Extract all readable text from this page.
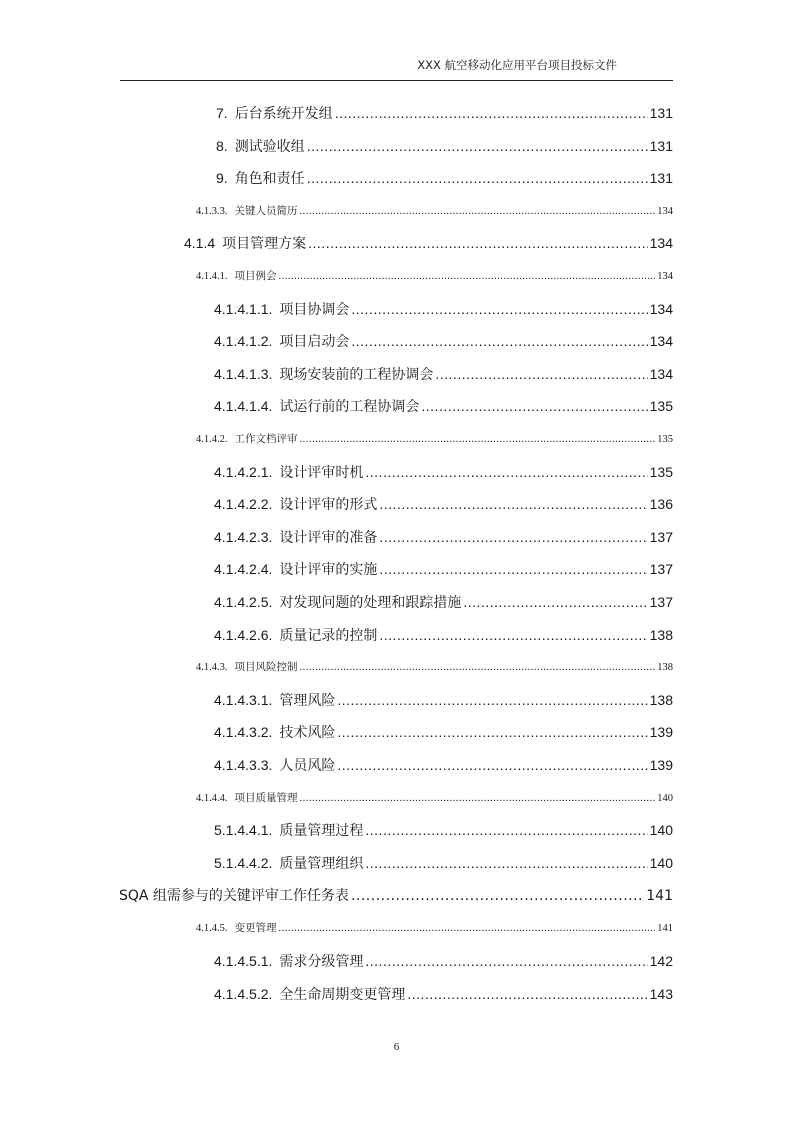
XXX 航空移动化应用平台项目投标文件
7. 后台系统开发组 .....	131
8. 测试验收组 .....	131
9. 角色和责任 .....	131
4.1.3.3. 关键人员简历 .....	134
4.1.4 项目管理方案 .....	134
4.1.4.1. 项目例会 .....	134
4.1.4.1.1. 项目协调会 .....	134
4.1.4.1.2. 项目启动会 .....	134
4.1.4.1.3. 现场安装前的工程协调会 .....	134
4.1.4.1.4. 试运行前的工程协调会 .....	135
4.1.4.2. 工作文档评审 .....	135
4.1.4.2.1. 设计评审时机 .....	135
4.1.4.2.2. 设计评审的形式 .....	136
4.1.4.2.3. 设计评审的准备 .....	137
4.1.4.2.4. 设计评审的实施 .....	137
4.1.4.2.5. 对发现问题的处理和跟踪措施 .....	137
4.1.4.2.6. 质量记录的控制 .....	138
4.1.4.3. 项目风险控制 .....	138
4.1.4.3.1. 管理风险 .....	138
4.1.4.3.2. 技术风险 .....	139
4.1.4.3.3. 人员风险 .....	139
4.1.4.4. 项目质量管理 .....	140
5.1.4.4.1. 质量管理过程 .....	140
5.1.4.4.2. 质量管理组织 .....	140
SQA 组需参与的关键评审工作任务表 .....	141
4.1.4.5. 变更管理 .....	141
4.1.4.5.1. 需求分级管理 .....	142
4.1.4.5.2. 全生命周期变更管理 .....	143
6
